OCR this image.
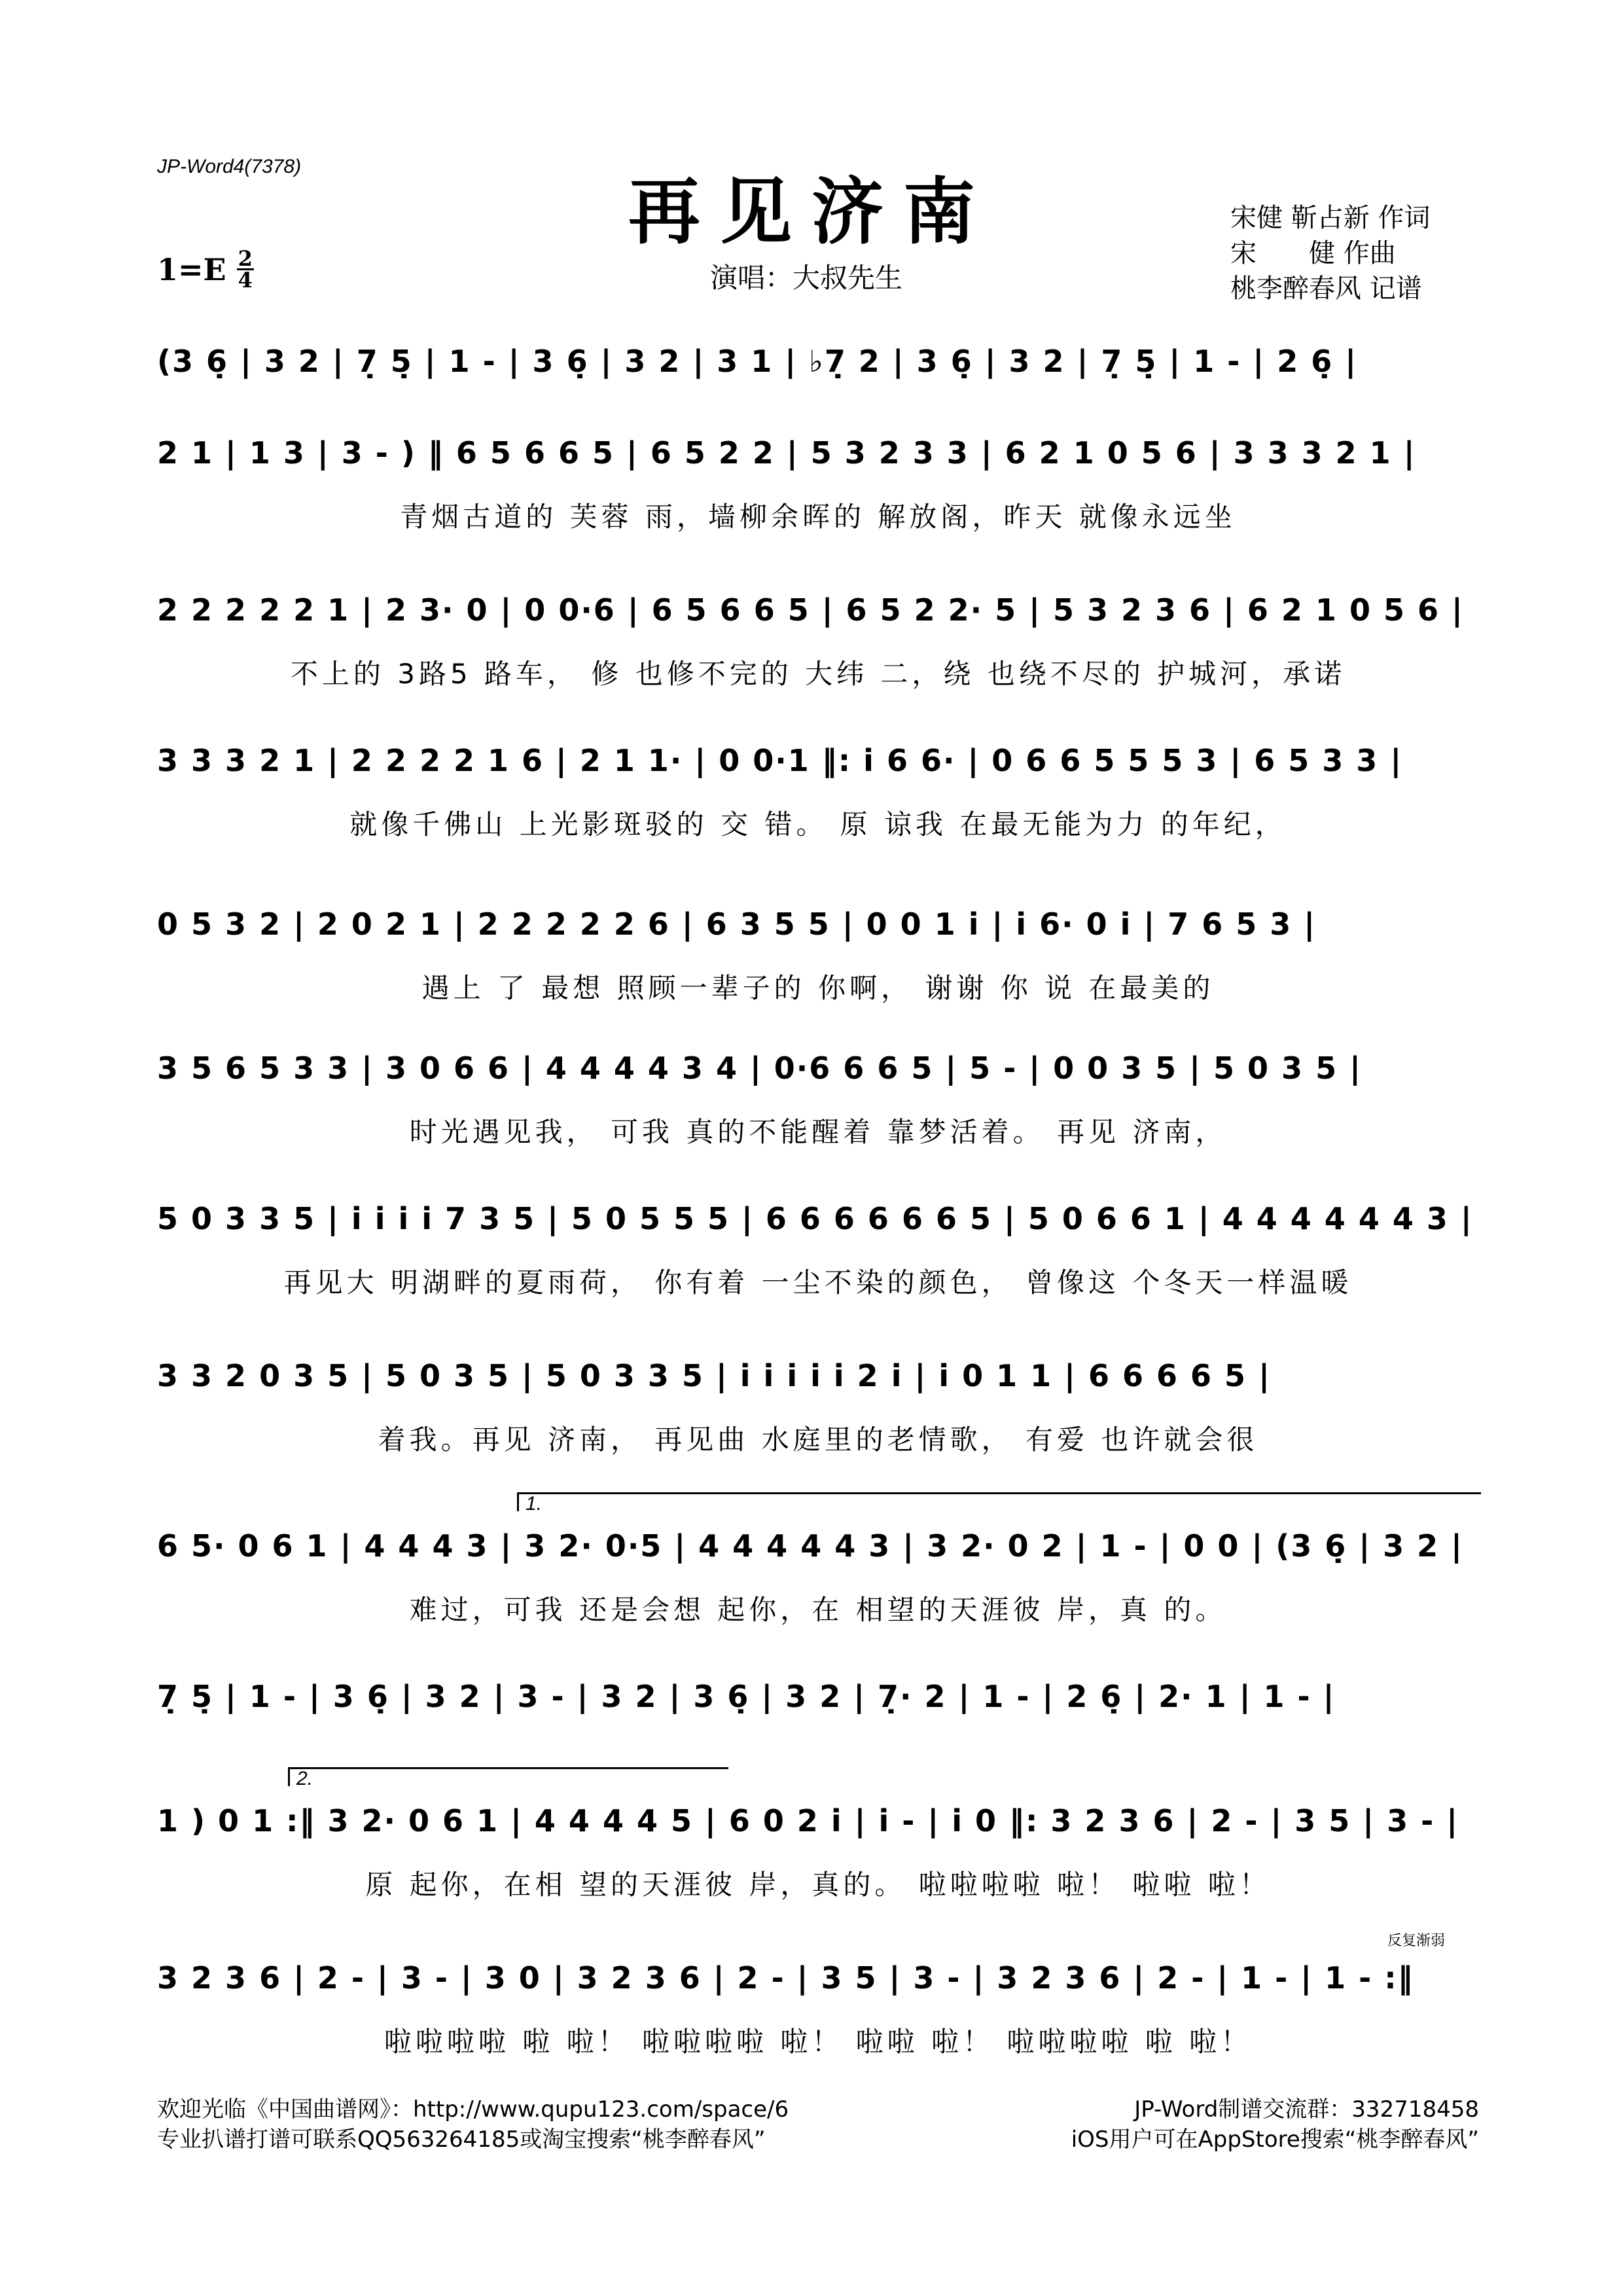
JP-Word4(7378)
再见济南
演唱：大叔先生
宋健 靳占新 作词
宋　　健 作曲
桃李醉春风 记谱
$1=E \frac{2}{4}$
(3 6̣ | 3 2 | 7̣ 5̣ | 1 - | 3 6̣ | 3 2 | 3 1 | ♭7̣ 2 | 3 6̣ | 3 2 | 7̣ 5̣ | 1 - | 2 6̣ |
2 1 | 1 3 | 3 - ) ‖ 6 5 6 6 5 | 6 5 2 2 | 5 3 2 3 3 | 6 2 1 0 5 6 | 3 3 3 2 1 |
青烟古道的 芙蓉 雨，墙柳余晖的 解放阁，昨天 就像永远坐
2 2 2 2 2 1 | 2 3· 0 | 0 0·6 | 6 5 6 6 5 | 6 5 2 2· 5 | 5 3 2 3 6 | 6 2 1 0 5 6 |
不上的 3路5 路车， 修 也修不完的 大纬 二，绕 也绕不尽的 护城河，承诺
3 3 3 2 1 | 2 2 2 2 1 6 | 2 1 1· | 0 0·1 ‖: i 6 6· | 0 6 6 5 5 5 3 | 6 5 3 3 |
就像千佛山 上光影斑驳的 交 错。 原 谅我 在最无能为力 的年纪，
0 5 3 2 | 2 0 2 1 | 2 2 2 2 2 6 | 6 3 5 5 | 0 0 1 i | i 6· 0 i | 7 6 5 3 |
遇上 了 最想 照顾一辈子的 你啊， 谢谢 你 说 在最美的
3 5 6 5 3 3 | 3 0 6 6 | 4 4 4 4 3 4 | 0·6 6 6 5 | 5 - | 0 0 3 5 | 5 0 3 5 |
时光遇见我， 可我 真的不能醒着 靠梦活着。 再见 济南，
5 0 3 3 5 | i i i i 7 3 5 | 5 0 5 5 5 | 6 6 6 6 6 6 5 | 5 0 6 6 1 | 4 4 4 4 4 4 3 |
再见大 明湖畔的夏雨荷， 你有着 一尘不染的颜色， 曾像这 个冬天一样温暖
3 3 2 0 3 5 | 5 0 3 5 | 5 0 3 3 5 | i i i i i 2 i | i 0 1 1 | 6 6 6 6 5 |
着我。再见 济南， 再见曲 水庭里的老情歌， 有爱 也许就会很
1.
6 5· 0 6 1 | 4 4 4 3 | 3 2· 0·5 | 4 4 4 4 4 3 | 3 2· 0 2 | 1 - | 0 0 | (3 6̣ | 3 2 |
难过，可我 还是会想 起你，在 相望的天涯彼 岸，真 的。
7̣ 5̣ | 1 - | 3 6̣ | 3 2 | 3 - | 3 2 | 3 6̣ | 3 2 | 7̣· 2 | 1 - | 2 6̣ | 2· 1 | 1 - |
2.
1 ) 0 1 :‖ 3 2· 0 6 1 | 4 4 4 4 5 | 6 0 2 i | i - | i 0 ‖: 3 2 3 6 | 2 - | 3 5 | 3 - |
原 起你，在相 望的天涯彼 岸，真的。 啦啦啦啦 啦！ 啦啦 啦！
反复渐弱
3 2 3 6 | 2 - | 3 - | 3 0 | 3 2 3 6 | 2 - | 3 5 | 3 - | 3 2 3 6 | 2 - | 1 - | 1 - :‖
啦啦啦啦 啦 啦！ 啦啦啦啦 啦！ 啦啦 啦！ 啦啦啦啦 啦 啦！
欢迎光临《中国曲谱网》：http://www.qupu123.com/space/6	JP-Word制谱交流群：332718458
专业扒谱打谱可联系QQ563264185或淘宝搜索“桃李醉春风”	iOS用户可在AppStore搜索“桃李醉春风”
